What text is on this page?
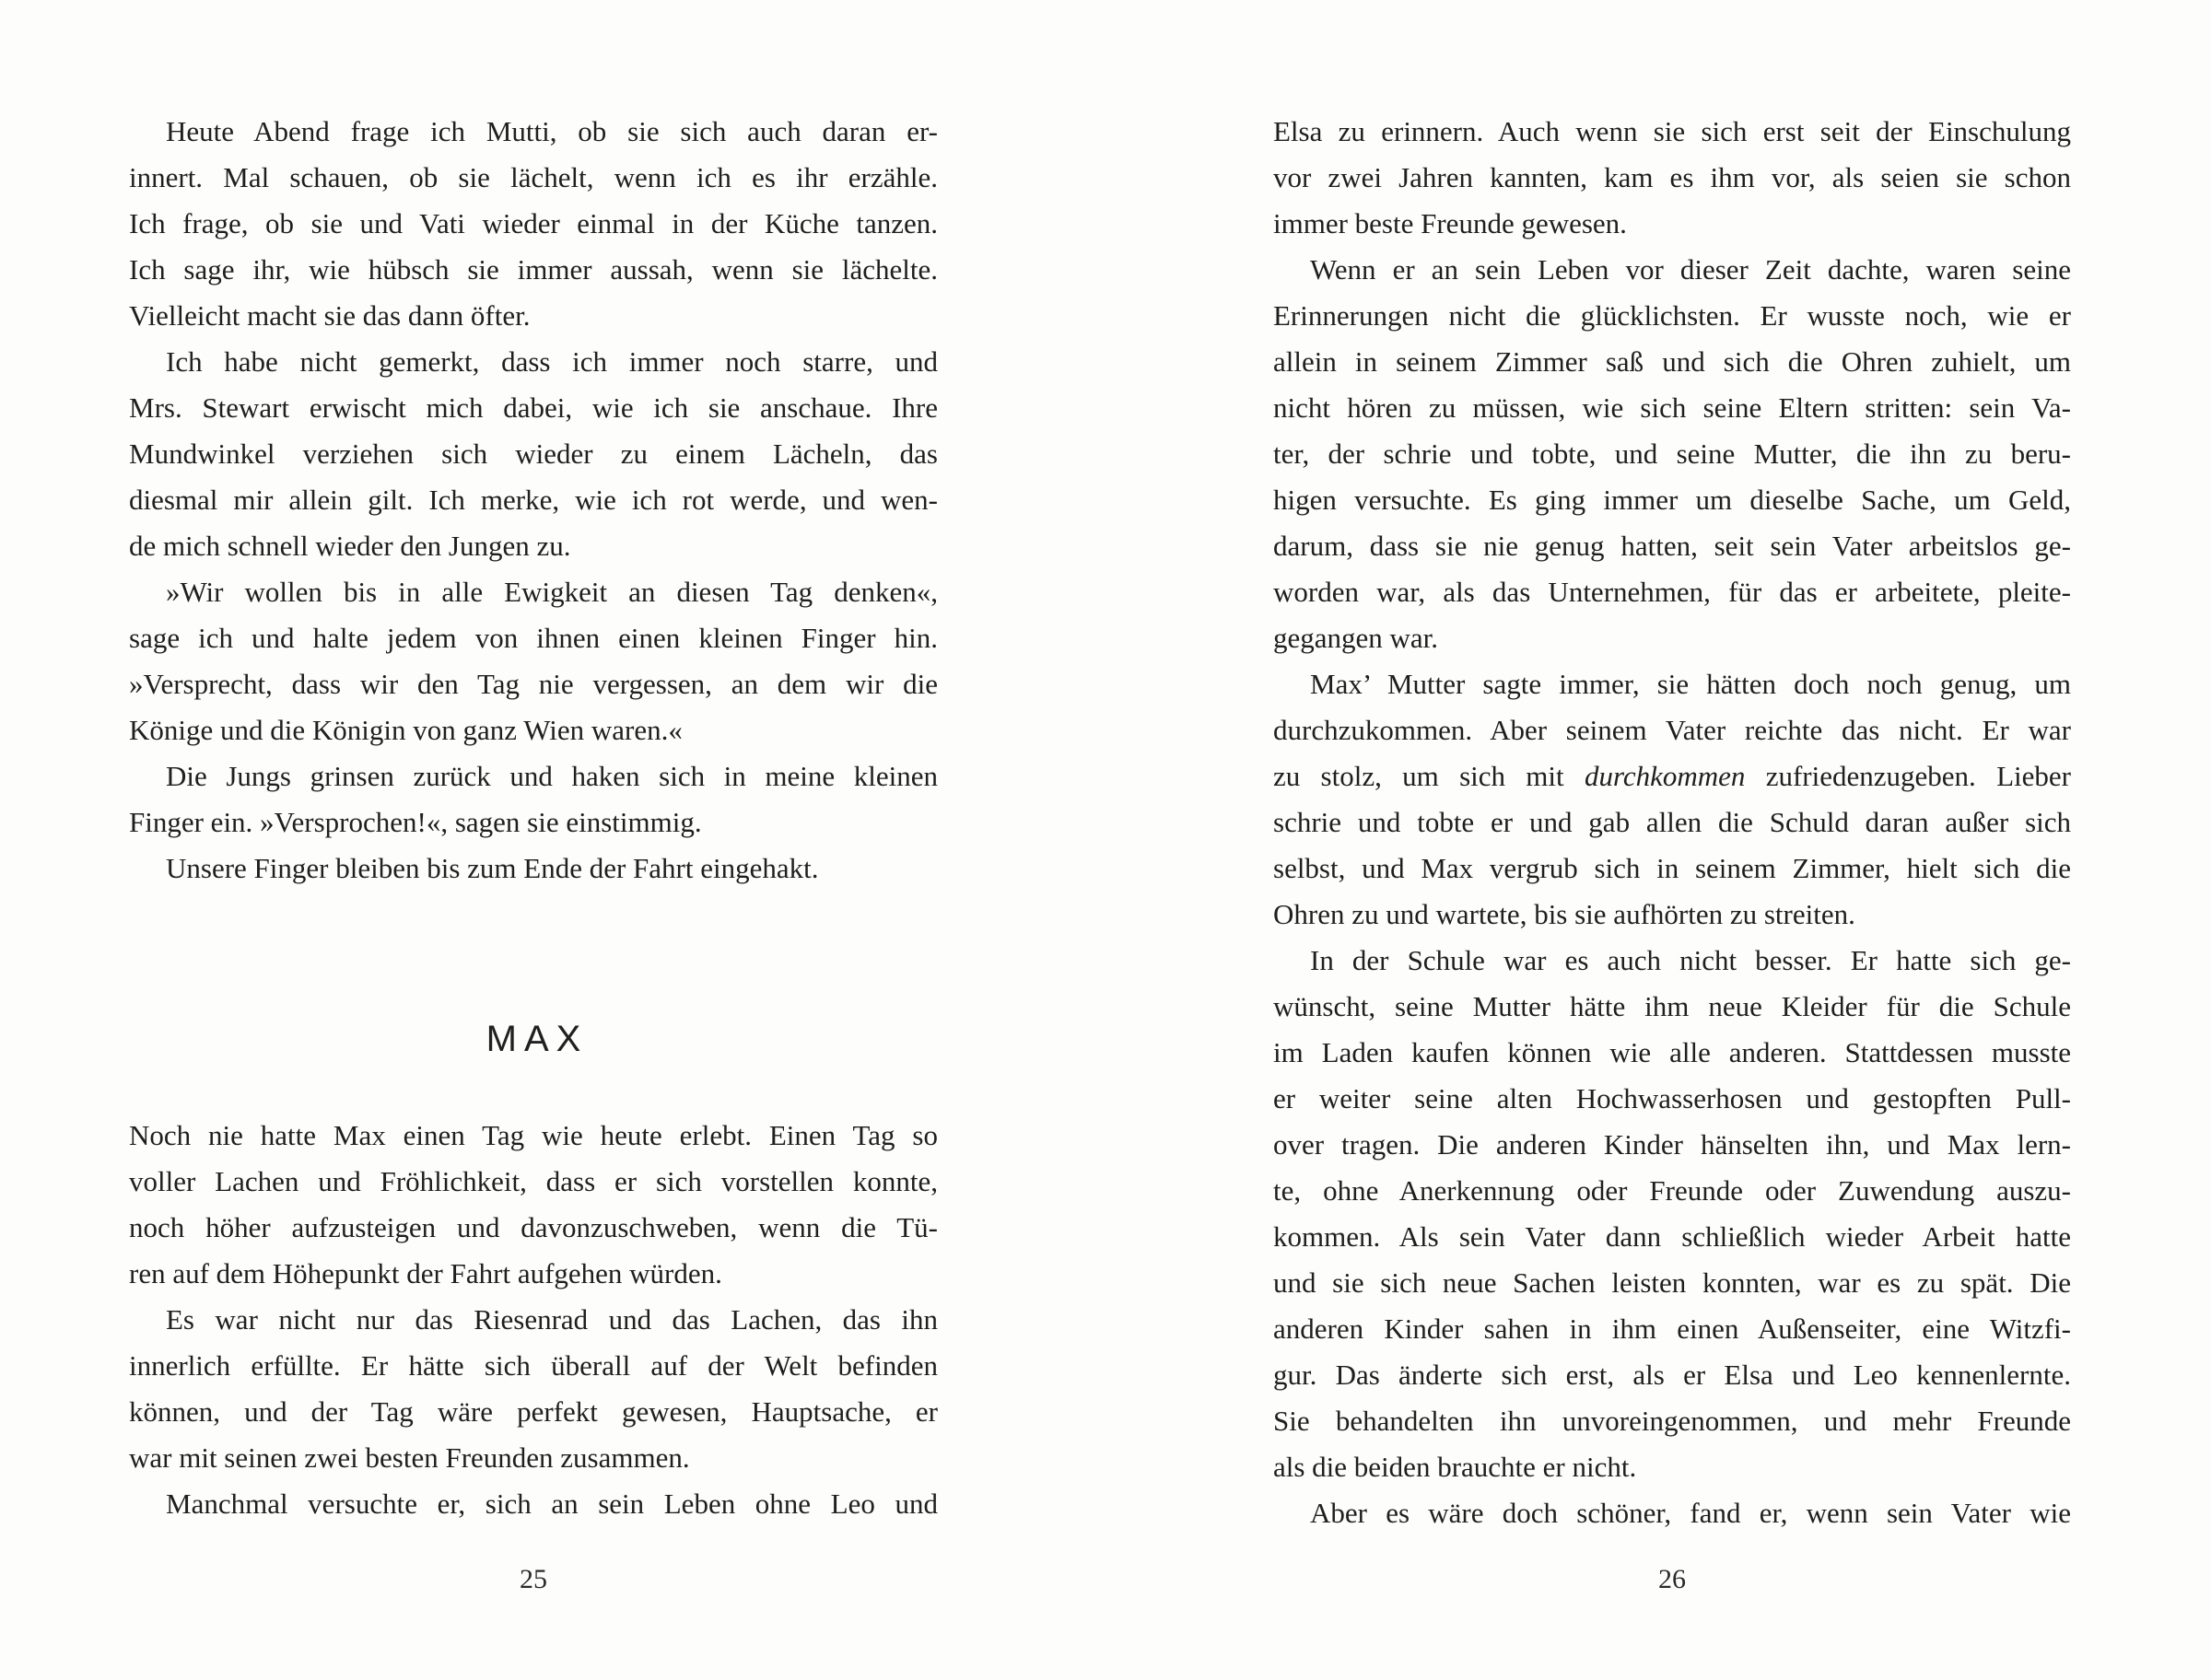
Heute Abend frage ich Mutti, ob sie sich auch daran er-
innert. Mal schauen, ob sie lächelt, wenn ich es ihr erzähle.
Ich frage, ob sie und Vati wieder einmal in der Küche tanzen.
Ich sage ihr, wie hübsch sie immer aussah, wenn sie lächelte.
Vielleicht macht sie das dann öfter.
Ich habe nicht gemerkt, dass ich immer noch starre, und
Mrs. Stewart erwischt mich dabei, wie ich sie anschaue. Ihre
Mundwinkel verziehen sich wieder zu einem Lächeln, das
diesmal mir allein gilt. Ich merke, wie ich rot werde, und wen-
de mich schnell wieder den Jungen zu.
»Wir wollen bis in alle Ewigkeit an diesen Tag denken«,
sage ich und halte jedem von ihnen einen kleinen Finger hin.
»Versprecht, dass wir den Tag nie vergessen, an dem wir die
Könige und die Königin von ganz Wien waren.«
Die Jungs grinsen zurück und haken sich in meine kleinen
Finger ein. »Versprochen!«, sagen sie einstimmig.
Unsere Finger bleiben bis zum Ende der Fahrt eingehakt.
MAX
Noch nie hatte Max einen Tag wie heute erlebt. Einen Tag so
voller Lachen und Fröhlichkeit, dass er sich vorstellen konnte,
noch höher aufzusteigen und davonzuschweben, wenn die Tü-
ren auf dem Höhepunkt der Fahrt aufgehen würden.
Es war nicht nur das Riesenrad und das Lachen, das ihn
innerlich erfüllte. Er hätte sich überall auf der Welt befinden
können, und der Tag wäre perfekt gewesen, Hauptsache, er
war mit seinen zwei besten Freunden zusammen.
Manchmal versuchte er, sich an sein Leben ohne Leo und
25
Elsa zu erinnern. Auch wenn sie sich erst seit der Einschulung
vor zwei Jahren kannten, kam es ihm vor, als seien sie schon
immer beste Freunde gewesen.
Wenn er an sein Leben vor dieser Zeit dachte, waren seine
Erinnerungen nicht die glücklichsten. Er wusste noch, wie er
allein in seinem Zimmer saß und sich die Ohren zuhielt, um
nicht hören zu müssen, wie sich seine Eltern stritten: sein Va-
ter, der schrie und tobte, und seine Mutter, die ihn zu beru-
higen versuchte. Es ging immer um dieselbe Sache, um Geld,
darum, dass sie nie genug hatten, seit sein Vater arbeitslos ge-
worden war, als das Unternehmen, für das er arbeitete, pleite-
gegangen war.
Max’ Mutter sagte immer, sie hätten doch noch genug, um
durchzukommen. Aber seinem Vater reichte das nicht. Er war
zu stolz, um sich mit durchkommen zufriedenzugeben. Lieber
schrie und tobte er und gab allen die Schuld daran außer sich
selbst, und Max vergrub sich in seinem Zimmer, hielt sich die
Ohren zu und wartete, bis sie aufhörten zu streiten.
In der Schule war es auch nicht besser. Er hatte sich ge-
wünscht, seine Mutter hätte ihm neue Kleider für die Schule
im Laden kaufen können wie alle anderen. Stattdessen musste
er weiter seine alten Hochwasserhosen und gestopften Pull-
over tragen. Die anderen Kinder hänselten ihn, und Max lern-
te, ohne Anerkennung oder Freunde oder Zuwendung auszu-
kommen. Als sein Vater dann schließlich wieder Arbeit hatte
und sie sich neue Sachen leisten konnten, war es zu spät. Die
anderen Kinder sahen in ihm einen Außenseiter, eine Witzfi-
gur. Das änderte sich erst, als er Elsa und Leo kennenlernte.
Sie behandelten ihn unvoreingenommen, und mehr Freunde
als die beiden brauchte er nicht.
Aber es wäre doch schöner, fand er, wenn sein Vater wie
26
